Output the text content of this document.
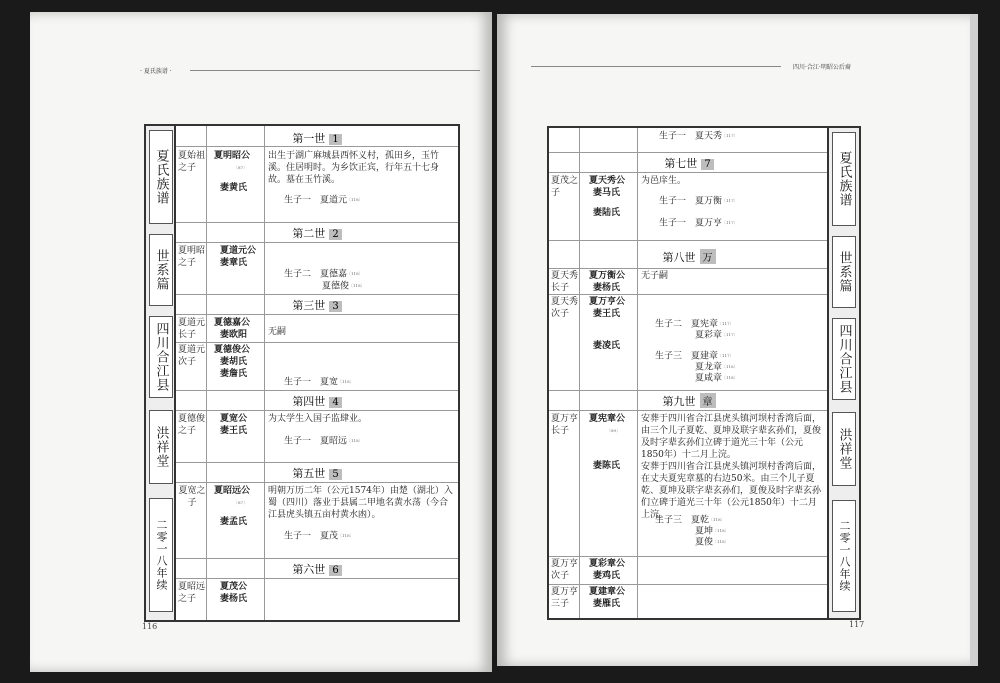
· 夏氏族谱 ·
夏氏族谱
世系篇
四川合江县
洪祥堂
二零一八年续
第一世 1
夏始祖之子
夏明昭公
〔87〕
妻黄氏
出生于湖广麻城县西怀义村，孤田乡，玉竹溪。住居明时。为乡饮正宾，行年五十七身故。墓在玉竹溪。
生子一　夏道元〔118〕
第二世 2
夏明昭之子
夏道元公
妻章氏
生子二　夏德嘉〔118〕
夏德俊〔118〕
第三世 3
夏道元长子
夏德嘉公
妻欧阳 无嗣
夏道元次子
夏德俊公
妻胡氏
妻詹氏
生子一　夏宽〔118〕
第四世 4
夏德俊之子
夏宽公
妻王氏
为太学生入国子监肆业。
生子一　夏昭远〔118〕
第五世 5
夏宽之子
夏昭远公
〔87〕
妻孟氏
明朝万历二年（公元1574年）由楚（湖北）入蜀（四川）落业于县属二甲地名黄水荡（今合江县虎头镇五亩村黄水凼）。
生子一　夏茂〔118〕
第六世 6
夏昭远之子
夏茂公
妻杨氏
116
四川·合江·明昭公后裔
生子一　夏天秀〔117〕
第七世 7
夏茂之子
夏天秀公
妻马氏
妻陆氏
为邑庠生。
生子一　夏万衡〔117〕
生子一　夏万亨〔117〕
第八世 万
夏天秀长子
夏万衡公
妻杨氏
无子嗣
夏天秀次子
夏万亨公
妻王氏
妻凌氏
生子二　夏宪章〔117〕
夏彩章〔117〕
生子三　夏建章〔117〕
夏龙章〔118〕
夏咸章〔118〕
第九世 章
夏万亨长子
夏宪章公
〔89〕
妻陈氏
安葬于四川省合江县虎头镇河坝村香湾后面，由三个儿子夏乾、夏坤及联字辈玄孙们，夏俊及时字辈玄孙们立碑于道光三十年（公元1850年）十二月上浣。
安葬于四川省合江县虎头镇河坝村香湾后面，在丈夫夏宪章墓的右边50米。由三个儿子夏乾、夏坤及联字辈玄孙们，夏俊及时字辈玄孙们立碑于道光三十年（公元1850年）十二月上浣。
生子三　夏乾〔118〕
夏坤〔118〕
夏俊〔118〕
夏万亨次子
夏彩章公
妻鸡氏
夏万亨三子
夏建章公
妻雁氏
夏氏族谱
世系篇
四川合江县
洪祥堂
二零一八年续
117
